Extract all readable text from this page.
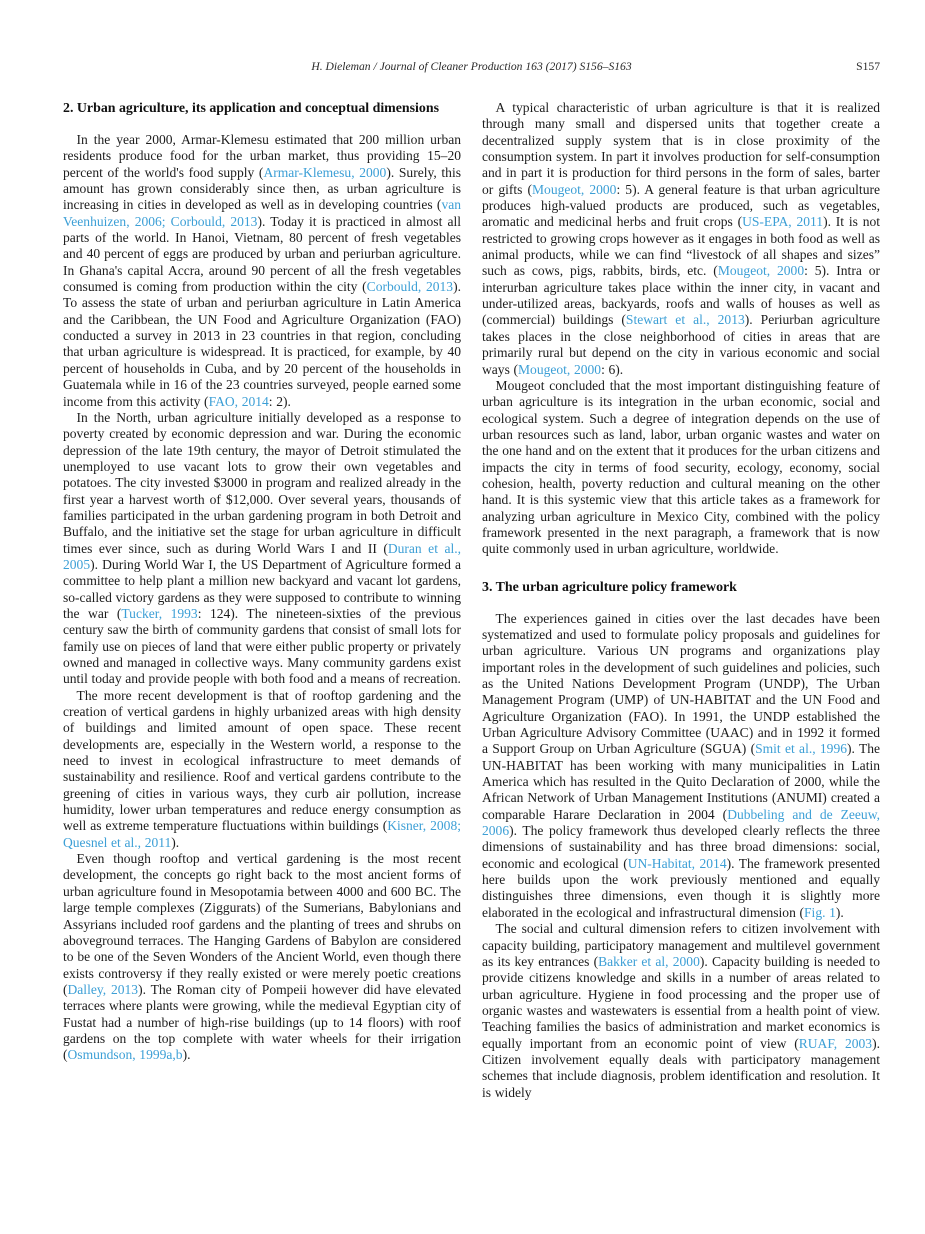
H. Dieleman / Journal of Cleaner Production 163 (2017) S156–S163	S157
2. Urban agriculture, its application and conceptual dimensions

In the year 2000, Armar-Klemesu estimated that 200 million urban residents produce food for the urban market, thus providing 15–20 percent of the world's food supply (Armar-Klemesu, 2000). Surely, this amount has grown considerably since then, as urban agriculture is increasing in cities in developed as well as in developing countries (van Veenhuizen, 2006; Corbould, 2013). Today it is practiced in almost all parts of the world. In Hanoi, Vietnam, 80 percent of fresh vegetables and 40 percent of eggs are produced by urban and periurban agriculture. In Ghana's capital Accra, around 90 percent of all the fresh vegetables consumed is coming from production within the city (Corbould, 2013). To assess the state of urban and periurban agriculture in Latin America and the Caribbean, the UN Food and Agriculture Organization (FAO) conducted a survey in 2013 in 23 countries in that region, concluding that urban agriculture is widespread. It is practiced, for example, by 40 percent of households in Cuba, and by 20 percent of the households in Guatemala while in 16 of the 23 countries surveyed, people earned some income from this activity (FAO, 2014: 2).

In the North, urban agriculture initially developed as a response to poverty created by economic depression and war. During the economic depression of the late 19th century, the mayor of Detroit stimulated the unemployed to use vacant lots to grow their own vegetables and potatoes. The city invested $3000 in program and realized already in the first year a harvest worth of $12,000. Over several years, thousands of families participated in the urban gardening program in both Detroit and Buffalo, and the initiative set the stage for urban agriculture in difficult times ever since, such as during World Wars I and II (Duran et al., 2005). During World War I, the US Department of Agriculture formed a committee to help plant a million new backyard and vacant lot gardens, so-called victory gardens as they were supposed to contribute to winning the war (Tucker, 1993: 124). The nineteen-sixties of the previous century saw the birth of community gardens that consist of small lots for family use on pieces of land that were either public property or privately owned and managed in collective ways. Many community gardens exist until today and provide people with both food and a means of recreation.

The more recent development is that of rooftop gardening and the creation of vertical gardens in highly urbanized areas with high density of buildings and limited amount of open space. These recent developments are, especially in the Western world, a response to the need to invest in ecological infrastructure to meet demands of sustainability and resilience. Roof and vertical gardens contribute to the greening of cities in various ways, they curb air pollution, increase humidity, lower urban temperatures and reduce energy consumption as well as extreme temperature fluctuations within buildings (Kisner, 2008; Quesnel et al., 2011).

Even though rooftop and vertical gardening is the most recent development, the concepts go right back to the most ancient forms of urban agriculture found in Mesopotamia between 4000 and 600 BC. The large temple complexes (Ziggurats) of the Sumerians, Babylonians and Assyrians included roof gardens and the planting of trees and shrubs on aboveground terraces. The Hanging Gardens of Babylon are considered to be one of the Seven Wonders of the Ancient World, even though there exists controversy if they really existed or were merely poetic creations (Dalley, 2013). The Roman city of Pompeii however did have elevated terraces where plants were growing, while the medieval Egyptian city of Fustat had a number of high-rise buildings (up to 14 floors) with roof gardens on the top complete with water wheels for their irrigation (Osmundson, 1999a,b).

A typical characteristic of urban agriculture is that it is realized through many small and dispersed units that together create a decentralized supply system that is in close proximity of the consumption system. In part it involves production for self-consumption and in part it is production for third persons in the form of sales, barter or gifts (Mougeot, 2000: 5). A general feature is that urban agriculture produces high-valued products are produced, such as vegetables, aromatic and medicinal herbs and fruit crops (US-EPA, 2011). It is not restricted to growing crops however as it engages in both food as well as animal products, while we can find “livestock of all shapes and sizes” such as cows, pigs, rabbits, birds, etc. (Mougeot, 2000: 5). Intra or interurban agriculture takes place within the inner city, in vacant and under-utilized areas, backyards, roofs and walls of houses as well as (commercial) buildings (Stewart et al., 2013). Periurban agriculture takes places in the close neighborhood of cities in areas that are primarily rural but depend on the city in various economic and social ways (Mougeot, 2000: 6).

Mougeot concluded that the most important distinguishing feature of urban agriculture is its integration in the urban economic, social and ecological system. Such a degree of integration depends on the use of urban resources such as land, labor, urban organic wastes and water on the one hand and on the extent that it produces for the urban citizens and impacts the city in terms of food security, ecology, economy, social cohesion, health, poverty reduction and cultural meaning on the other hand. It is this systemic view that this article takes as a framework for analyzing urban agriculture in Mexico City, combined with the policy framework presented in the next paragraph, a framework that is now quite commonly used in urban agriculture, worldwide.

3. The urban agriculture policy framework

The experiences gained in cities over the last decades have been systematized and used to formulate policy proposals and guidelines for urban agriculture. Various UN programs and organizations play important roles in the development of such guidelines and policies, such as the United Nations Development Program (UNDP), The Urban Management Program (UMP) of UN-HABITAT and the UN Food and Agriculture Organization (FAO). In 1991, the UNDP established the Urban Agriculture Advisory Committee (UAAC) and in 1992 it formed a Support Group on Urban Agriculture (SGUA) (Smit et al., 1996). The UN-HABITAT has been working with many municipalities in Latin America which has resulted in the Quito Declaration of 2000, while the African Network of Urban Management Institutions (ANUMI) created a comparable Harare Declaration in 2004 (Dubbeling and de Zeeuw, 2006). The policy framework thus developed clearly reflects the three dimensions of sustainability and has three broad dimensions: social, economic and ecological (UN-Habitat, 2014). The framework presented here builds upon the work previously mentioned and equally distinguishes three dimensions, even though it is slightly more elaborated in the ecological and infrastructural dimension (Fig. 1).

The social and cultural dimension refers to citizen involvement with capacity building, participatory management and multilevel government as its key entrances (Bakker et al, 2000). Capacity building is needed to provide citizens knowledge and skills in a number of areas related to urban agriculture. Hygiene in food processing and the proper use of organic wastes and wastewaters is essential from a health point of view. Teaching families the basics of administration and market economics is equally important from an economic point of view (RUAF, 2003). Citizen involvement equally deals with participatory management schemes that include diagnosis, problem identification and resolution. It is widely
